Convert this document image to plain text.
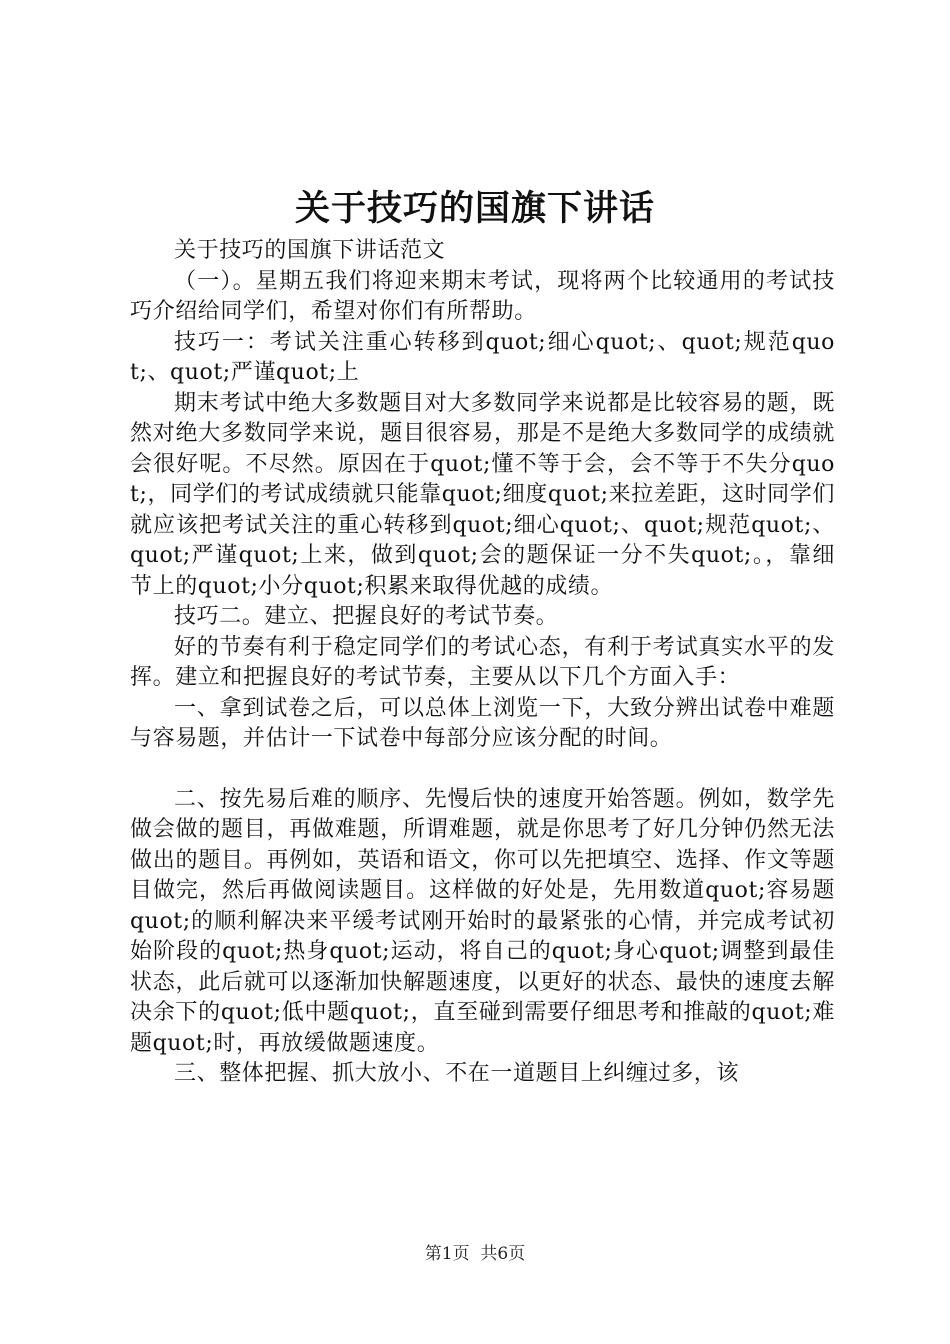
关于技巧的国旗下讲话

关于技巧的国旗下讲话范文

（一）。星期五我们将迎来期末考试，现将两个比较通用的考试技巧介绍给同学们，希望对你们有所帮助。

技巧一：考试关注重心转移到quot;细心quot;、quot;规范quot;、quot;严谨quot;上

期末考试中绝大多数题目对大多数同学来说都是比较容易的题，既然对绝大多数同学来说，题目很容易，那是不是绝大多数同学的成绩就会很好呢。不尽然。原因在于quot;懂不等于会，会不等于不失分quot;，同学们的考试成绩就只能靠quot;细度quot;来拉差距，这时同学们就应该把考试关注的重心转移到quot;细心quot;、quot;规范quot;、quot;严谨quot;上来，做到quot;会的题保证一分不失quot;。，靠细节上的quot;小分quot;积累来取得优越的成绩。

技巧二。建立、把握良好的考试节奏。

好的节奏有利于稳定同学们的考试心态，有利于考试真实水平的发挥。建立和把握良好的考试节奏，主要从以下几个方面入手：

一、拿到试卷之后，可以总体上浏览一下，大致分辨出试卷中难题与容易题，并估计一下试卷中每部分应该分配的时间。

二、按先易后难的顺序、先慢后快的速度开始答题。例如，数学先做会做的题目，再做难题，所谓难题，就是你思考了好几分钟仍然无法做出的题目。再例如，英语和语文，你可以先把填空、选择、作文等题目做完，然后再做阅读题目。这样做的好处是，先用数道quot;容易题quot;的顺利解决来平缓考试刚开始时的最紧张的心情，并完成考试初始阶段的quot;热身quot;运动，将自己的quot;身心quot;调整到最佳状态，此后就可以逐渐加快解题速度，以更好的状态、最快的速度去解决余下的quot;低中题quot;，直至碰到需要仔细思考和推敲的quot;难题quot;时，再放缓做题速度。

三、整体把握、抓大放小、不在一道题目上纠缠过多，该

第1页 共6页
